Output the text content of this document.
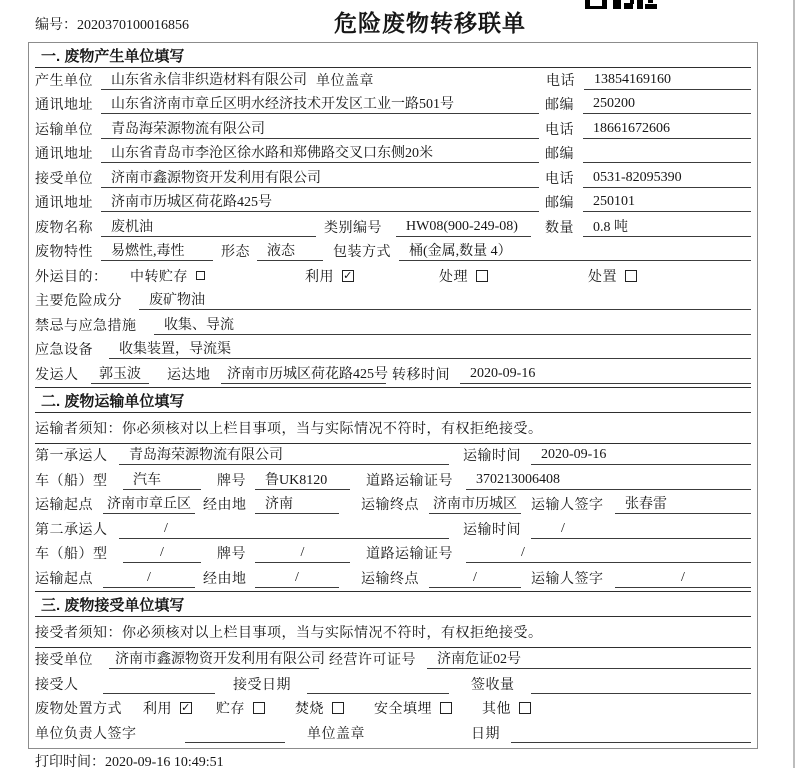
编号：2020370100016856	危险废物转移联单
一. 废物产生单位填写
产生单位	山东省永信非织造材料有限公司 单位盖章	电话	13854169160
通讯地址	山东省济南市章丘区明水经济技术开发区工业一路501号	邮编	250200
运输单位	青岛海荣源物流有限公司	电话	18661672606
通讯地址	山东省青岛市李沧区徐水路和郑佛路交叉口东侧20米	邮编
接受单位	济南市鑫源物资开发利用有限公司	电话	0531-82095390
通讯地址	济南市历城区荷花路425号	邮编	250101
废物名称	废机油	类别编号	HW08(900-249-08)	数量	0.8 吨
废物特性	易燃性,毒性	形态	液态	包装方式	桶(金属,数量 4）
外运目的：	中转贮存	利用 ✓	处理	处置
主要危险成分	废矿物油
禁忌与应急措施	收集、导流
应急设备	收集装置，导流渠
发运人	郭玉波	运达地	济南市历城区荷花路425号 转移时间	2020-09-16
二. 废物运输单位填写
运输者须知：你必须核对以上栏目事项，当与实际情况不符时，有权拒绝接受。
第一承运人	青岛海荣源物流有限公司	运输时间	2020-09-16
车（船）型	汽车	牌号	鲁UK8120	道路运输证号	370213006408
运输起点 济南市章丘区 经由地	济南	运输终点 济南市历城区 运输人签字	张春雷
第二承运人	/	运输时间	/
车（船）型	/	牌号	/	道路运输证号	/
运输起点	/	经由地	/	运输终点	/	运输人签字	/
三. 废物接受单位填写
接受者须知：你必须核对以上栏目事项，当与实际情况不符时，有权拒绝接受。
接受单位	济南市鑫源物资开发利用有限公司 经营许可证号	济南危证02号
接受人	接受日期	签收量
废物处置方式	利用 ✓ 贮存	焚烧	安全填埋	其他
单位负责人签字	单位盖章	日期
打印时间：2020-09-16 10:49:51
